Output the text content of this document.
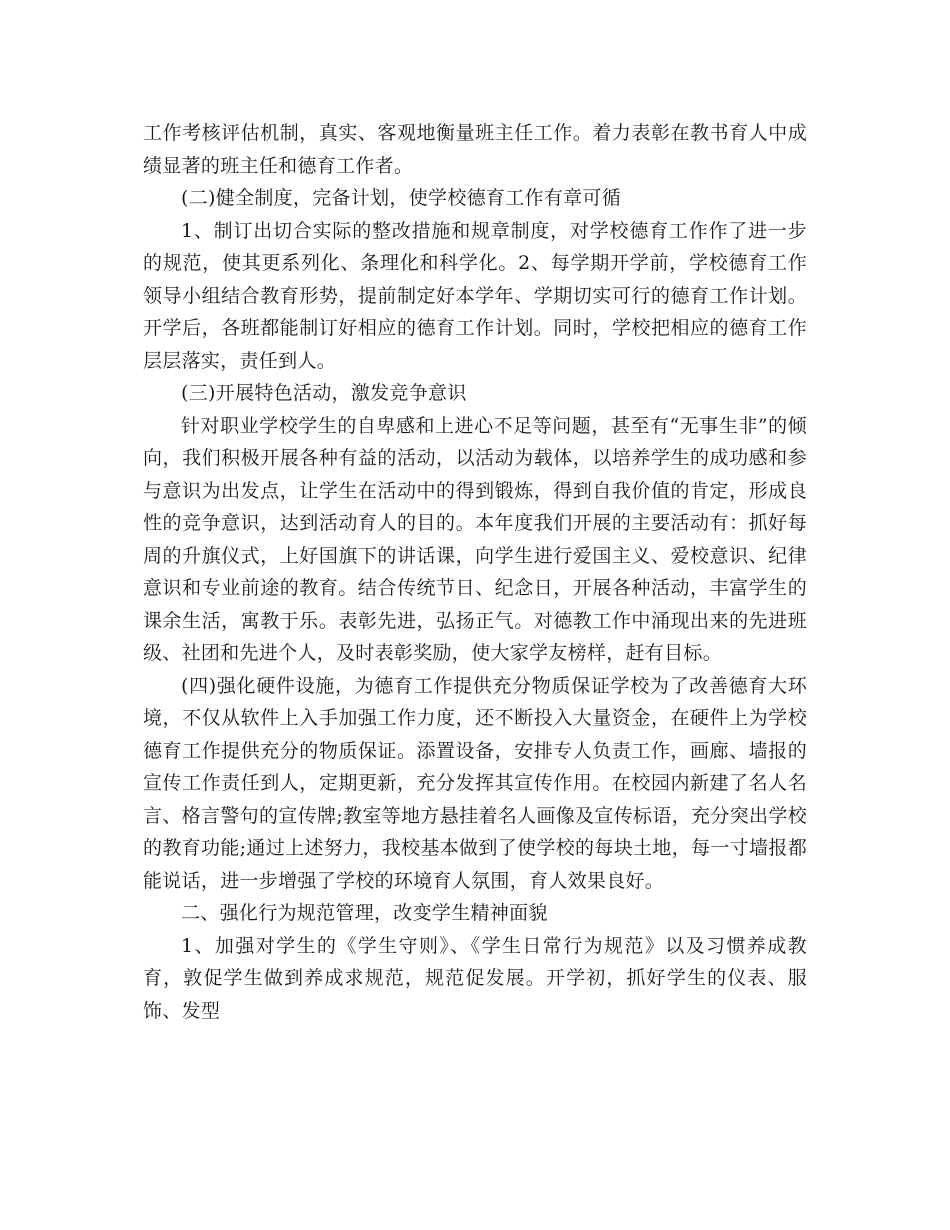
工作考核评估机制，真实、客观地衡量班主任工作。着力表彰在教书育人中成绩显著的班主任和德育工作者。

(二)健全制度，完备计划，使学校德育工作有章可循

1、制订出切合实际的整改措施和规章制度，对学校德育工作作了进一步的规范，使其更系列化、条理化和科学化。2、每学期开学前，学校德育工作领导小组结合教育形势，提前制定好本学年、学期切实可行的德育工作计划。开学后，各班都能制订好相应的德育工作计划。同时，学校把相应的德育工作层层落实，责任到人。

(三)开展特色活动，激发竞争意识

针对职业学校学生的自卑感和上进心不足等问题，甚至有“无事生非”的倾向，我们积极开展各种有益的活动，以活动为载体，以培养学生的成功感和参与意识为出发点，让学生在活动中的得到锻炼，得到自我价值的肯定，形成良性的竞争意识，达到活动育人的目的。本年度我们开展的主要活动有：抓好每周的升旗仪式，上好国旗下的讲话课，向学生进行爱国主义、爱校意识、纪律意识和专业前途的教育。结合传统节日、纪念日，开展各种活动，丰富学生的课余生活，寓教于乐。表彰先进，弘扬正气。对德教工作中涌现出来的先进班级、社团和先进个人，及时表彰奖励，使大家学友榜样，赶有目标。

(四)强化硬件设施，为德育工作提供充分物质保证学校为了改善德育大环境，不仅从软件上入手加强工作力度，还不断投入大量资金，在硬件上为学校德育工作提供充分的物质保证。添置设备，安排专人负责工作，画廊、墙报的宣传工作责任到人，定期更新，充分发挥其宣传作用。在校园内新建了名人名言、格言警句的宣传牌;教室等地方悬挂着名人画像及宣传标语，充分突出学校的教育功能;通过上述努力，我校基本做到了使学校的每块土地，每一寸墙报都能说话，进一步增强了学校的环境育人氛围，育人效果良好。

二、强化行为规范管理，改变学生精神面貌

1、加强对学生的《学生守则》、《学生日常行为规范》以及习惯养成教育，敦促学生做到养成求规范，规范促发展。开学初，抓好学生的仪表、服饰、发型
